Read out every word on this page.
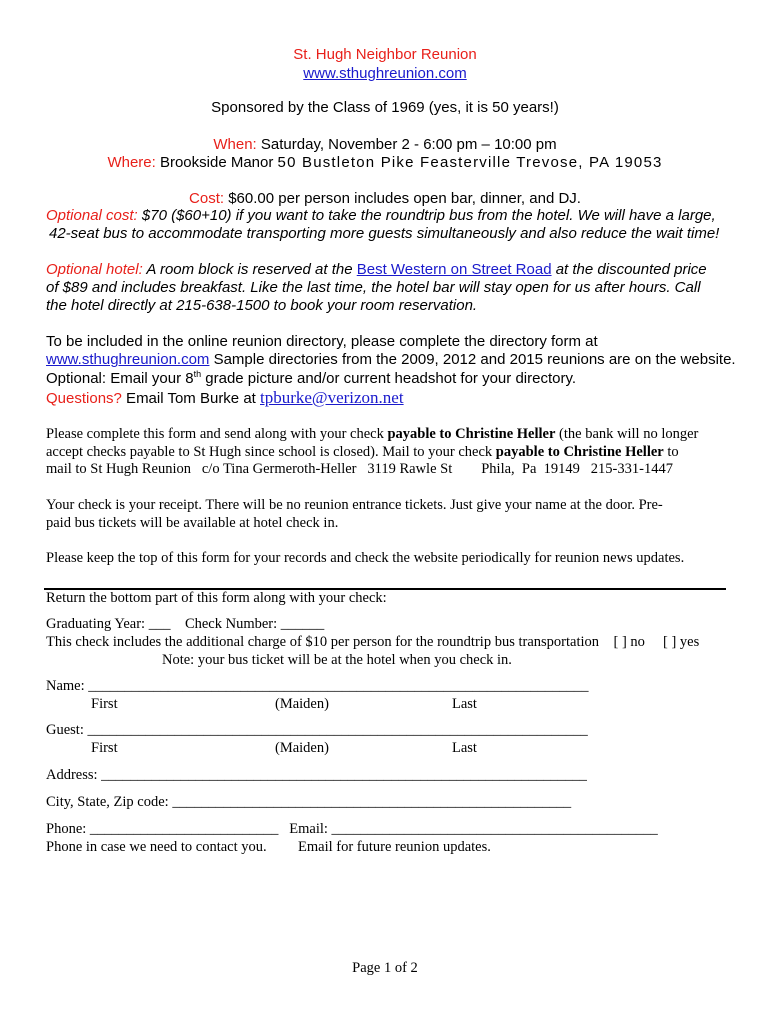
St. Hugh Neighbor Reunion
www.sthughreunion.com
Sponsored by the Class of 1969 (yes, it is 50 years!)
When: Saturday, November 2 - 6:00 pm – 10:00 pm
Where: Brookside Manor 50 Bustleton Pike Feasterville Trevose, PA 19053
Cost: $60.00 per person includes open bar, dinner, and DJ.
Optional cost: $70 ($60+10) if you want to take the roundtrip bus from the hotel. We will have a large,
42-seat bus to accommodate transporting more guests simultaneously and also reduce the wait time!
Optional hotel: A room block is reserved at the Best Western on Street Road at the discounted price
of $89 and includes breakfast. Like the last time, the hotel bar will stay open for us after hours. Call
the hotel directly at 215-638-1500 to book your room reservation.
To be included in the online reunion directory, please complete the directory form at
www.sthughreunion.com Sample directories from the 2009, 2012 and 2015 reunions are on the website.
Optional: Email your 8th grade picture and/or current headshot for your directory.
Questions? Email Tom Burke at tpburke@verizon.net
Please complete this form and send along with your check payable to Christine Heller (the bank will no longer
accept checks payable to St Hugh since school is closed). Mail to your check payable to Christine Heller to
mail to St Hugh Reunion   c/o Tina Germeroth-Heller   3119 Rawle St        Phila,  Pa  19149   215-331-1447
Your check is your receipt. There will be no reunion entrance tickets. Just give your name at the door. Pre-
paid bus tickets will be available at hotel check in.
Please keep the top of this form for your records and check the website periodically for reunion news updates.
Return the bottom part of this form along with your check:
Graduating Year: ___    Check Number: ______
This check includes the additional charge of $10 per person for the roundtrip bus transportation    [ ] no     [ ] yes
Note: your bus ticket will be at the hotel when you check in.
Name: _____________________________________________________________________
First	(Maiden)	Last
Guest: _____________________________________________________________________
First	(Maiden)	Last
Address: ___________________________________________________________________
City, State, Zip code: _______________________________________________________
Phone: __________________________   Email: _____________________________________________
Phone in case we need to contact you. Email for future reunion updates.
Page 1 of 2
